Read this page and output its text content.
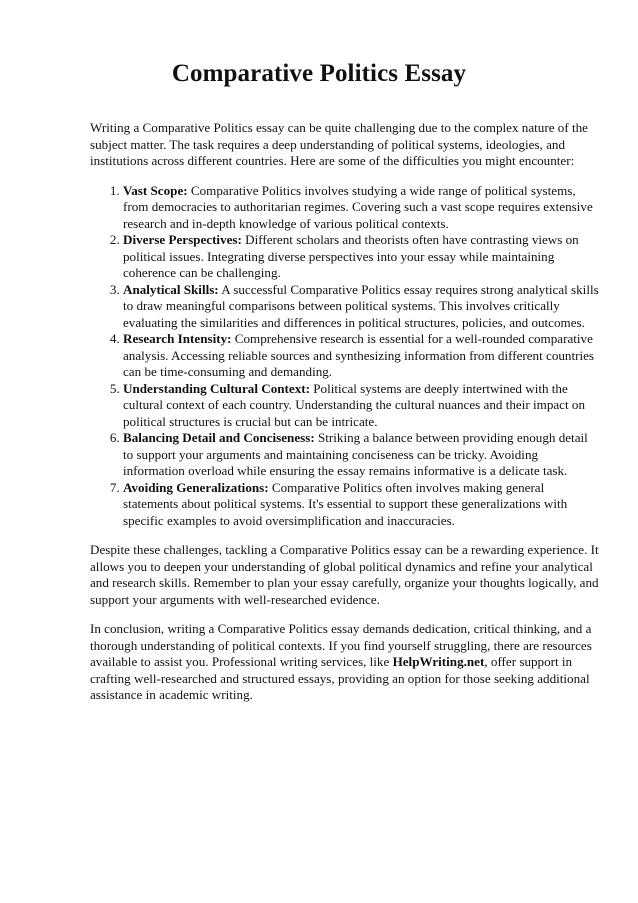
Comparative Politics Essay

Writing a Comparative Politics essay can be quite challenging due to the complex nature of the subject matter. The task requires a deep understanding of political systems, ideologies, and institutions across different countries. Here are some of the difficulties you might encounter:

1. Vast Scope: Comparative Politics involves studying a wide range of political systems, from democracies to authoritarian regimes. Covering such a vast scope requires extensive research and in-depth knowledge of various political contexts.
2. Diverse Perspectives: Different scholars and theorists often have contrasting views on political issues. Integrating diverse perspectives into your essay while maintaining coherence can be challenging.
3. Analytical Skills: A successful Comparative Politics essay requires strong analytical skills to draw meaningful comparisons between political systems. This involves critically evaluating the similarities and differences in political structures, policies, and outcomes.
4. Research Intensity: Comprehensive research is essential for a well-rounded comparative analysis. Accessing reliable sources and synthesizing information from different countries can be time-consuming and demanding.
5. Understanding Cultural Context: Political systems are deeply intertwined with the cultural context of each country. Understanding the cultural nuances and their impact on political structures is crucial but can be intricate.
6. Balancing Detail and Conciseness: Striking a balance between providing enough detail to support your arguments and maintaining conciseness can be tricky. Avoiding information overload while ensuring the essay remains informative is a delicate task.
7. Avoiding Generalizations: Comparative Politics often involves making general statements about political systems. It's essential to support these generalizations with specific examples to avoid oversimplification and inaccuracies.

Despite these challenges, tackling a Comparative Politics essay can be a rewarding experience. It allows you to deepen your understanding of global political dynamics and refine your analytical and research skills. Remember to plan your essay carefully, organize your thoughts logically, and support your arguments with well-researched evidence.

In conclusion, writing a Comparative Politics essay demands dedication, critical thinking, and a thorough understanding of political contexts. If you find yourself struggling, there are resources available to assist you. Professional writing services, like HelpWriting.net, offer support in crafting well-researched and structured essays, providing an option for those seeking additional assistance in academic writing.
